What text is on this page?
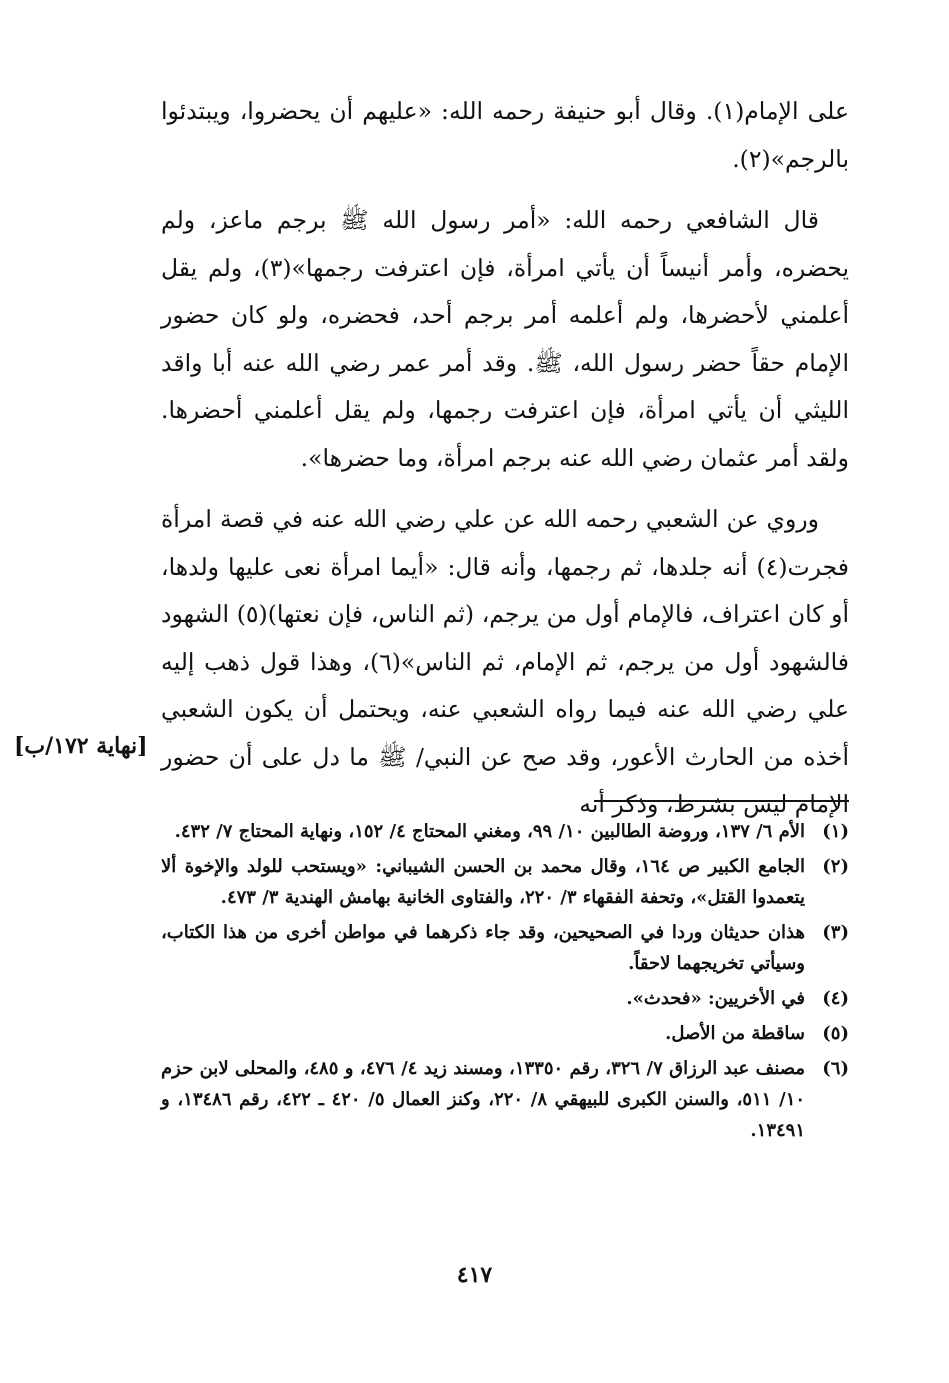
على الإمام(١). وقال أبو حنيفة رحمه الله: «عليهم أن يحضروا، ويبتدئوا بالرجم»(٢).

قال الشافعي رحمه الله: «أمر رسول الله ﷺ برجم ماعز، ولم يحضره، وأمر أنيساً أن يأتي امرأة، فإن اعترفت رجمها»(٣)، ولم يقل أعلمني لأحضرها، ولم أعلمه أمر برجم أحد، فحضره، ولو كان حضور الإمام حقاً حضر رسول الله، ﷺ. وقد أمر عمر رضي الله عنه أبا واقد الليثي أن يأتي امرأة، فإن اعترفت رجمها، ولم يقل أعلمني أحضرها. ولقد أمر عثمان رضي الله عنه برجم امرأة، وما حضرها».

وروي عن الشعبي رحمه الله عن علي رضي الله عنه في قصة امرأة فجرت(٤) أنه جلدها، ثم رجمها، وأنه قال: «أيما امرأة نعى عليها ولدها، أو كان اعتراف، فالإمام أول من يرجم، (ثم الناس، فإن نعتها)(٥) الشهود فالشهود أول من يرجم، ثم الإمام، ثم الناس»(٦)، وهذا قول ذهب إليه علي رضي الله عنه فيما رواه الشعبي عنه، ويحتمل أن يكون الشعبي أخذه من الحارث الأعور، وقد صح عن النبي/ ﷺ ما دل على أن حضور الإمام ليس بشرط، وذكر أنه

[نهاية ١٧٢/ب]
(١)
الأم ٦/ ١٣٧، وروضة الطالبين ١٠/ ٩٩، ومغني المحتاج ٤/ ١٥٢، ونهاية المحتاج ٧/ ٤٣٢.
(٢)
الجامع الكبير ص ١٦٤، وقال محمد بن الحسن الشيباني: «ويستحب للولد والإخوة ألا يتعمدوا القتل»، وتحفة الفقهاء ٣/ ٢٢٠، والفتاوى الخانية بهامش الهندية ٣/ ٤٧٣.
(٣)
هذان حديثان وردا في الصحيحين، وقد جاء ذكرهما في مواطن أخرى من هذا الكتاب، وسيأتي تخريجهما لاحقاً.
(٤)
في الأخريين: «فحدث».
(٥)
ساقطة من الأصل.
(٦)
مصنف عبد الرزاق ٧/ ٣٢٦، رقم ١٣٣٥٠، ومسند زيد ٤/ ٤٧٦، و ٤٨٥، والمحلى لابن حزم ١٠/ ٥١١، والسنن الكبرى للبيهقي ٨/ ٢٢٠، وكنز العمال ٥/ ٤٢٠ ـ ٤٢٢، رقم ١٣٤٨٦، و ١٣٤٩١.
٤١٧
